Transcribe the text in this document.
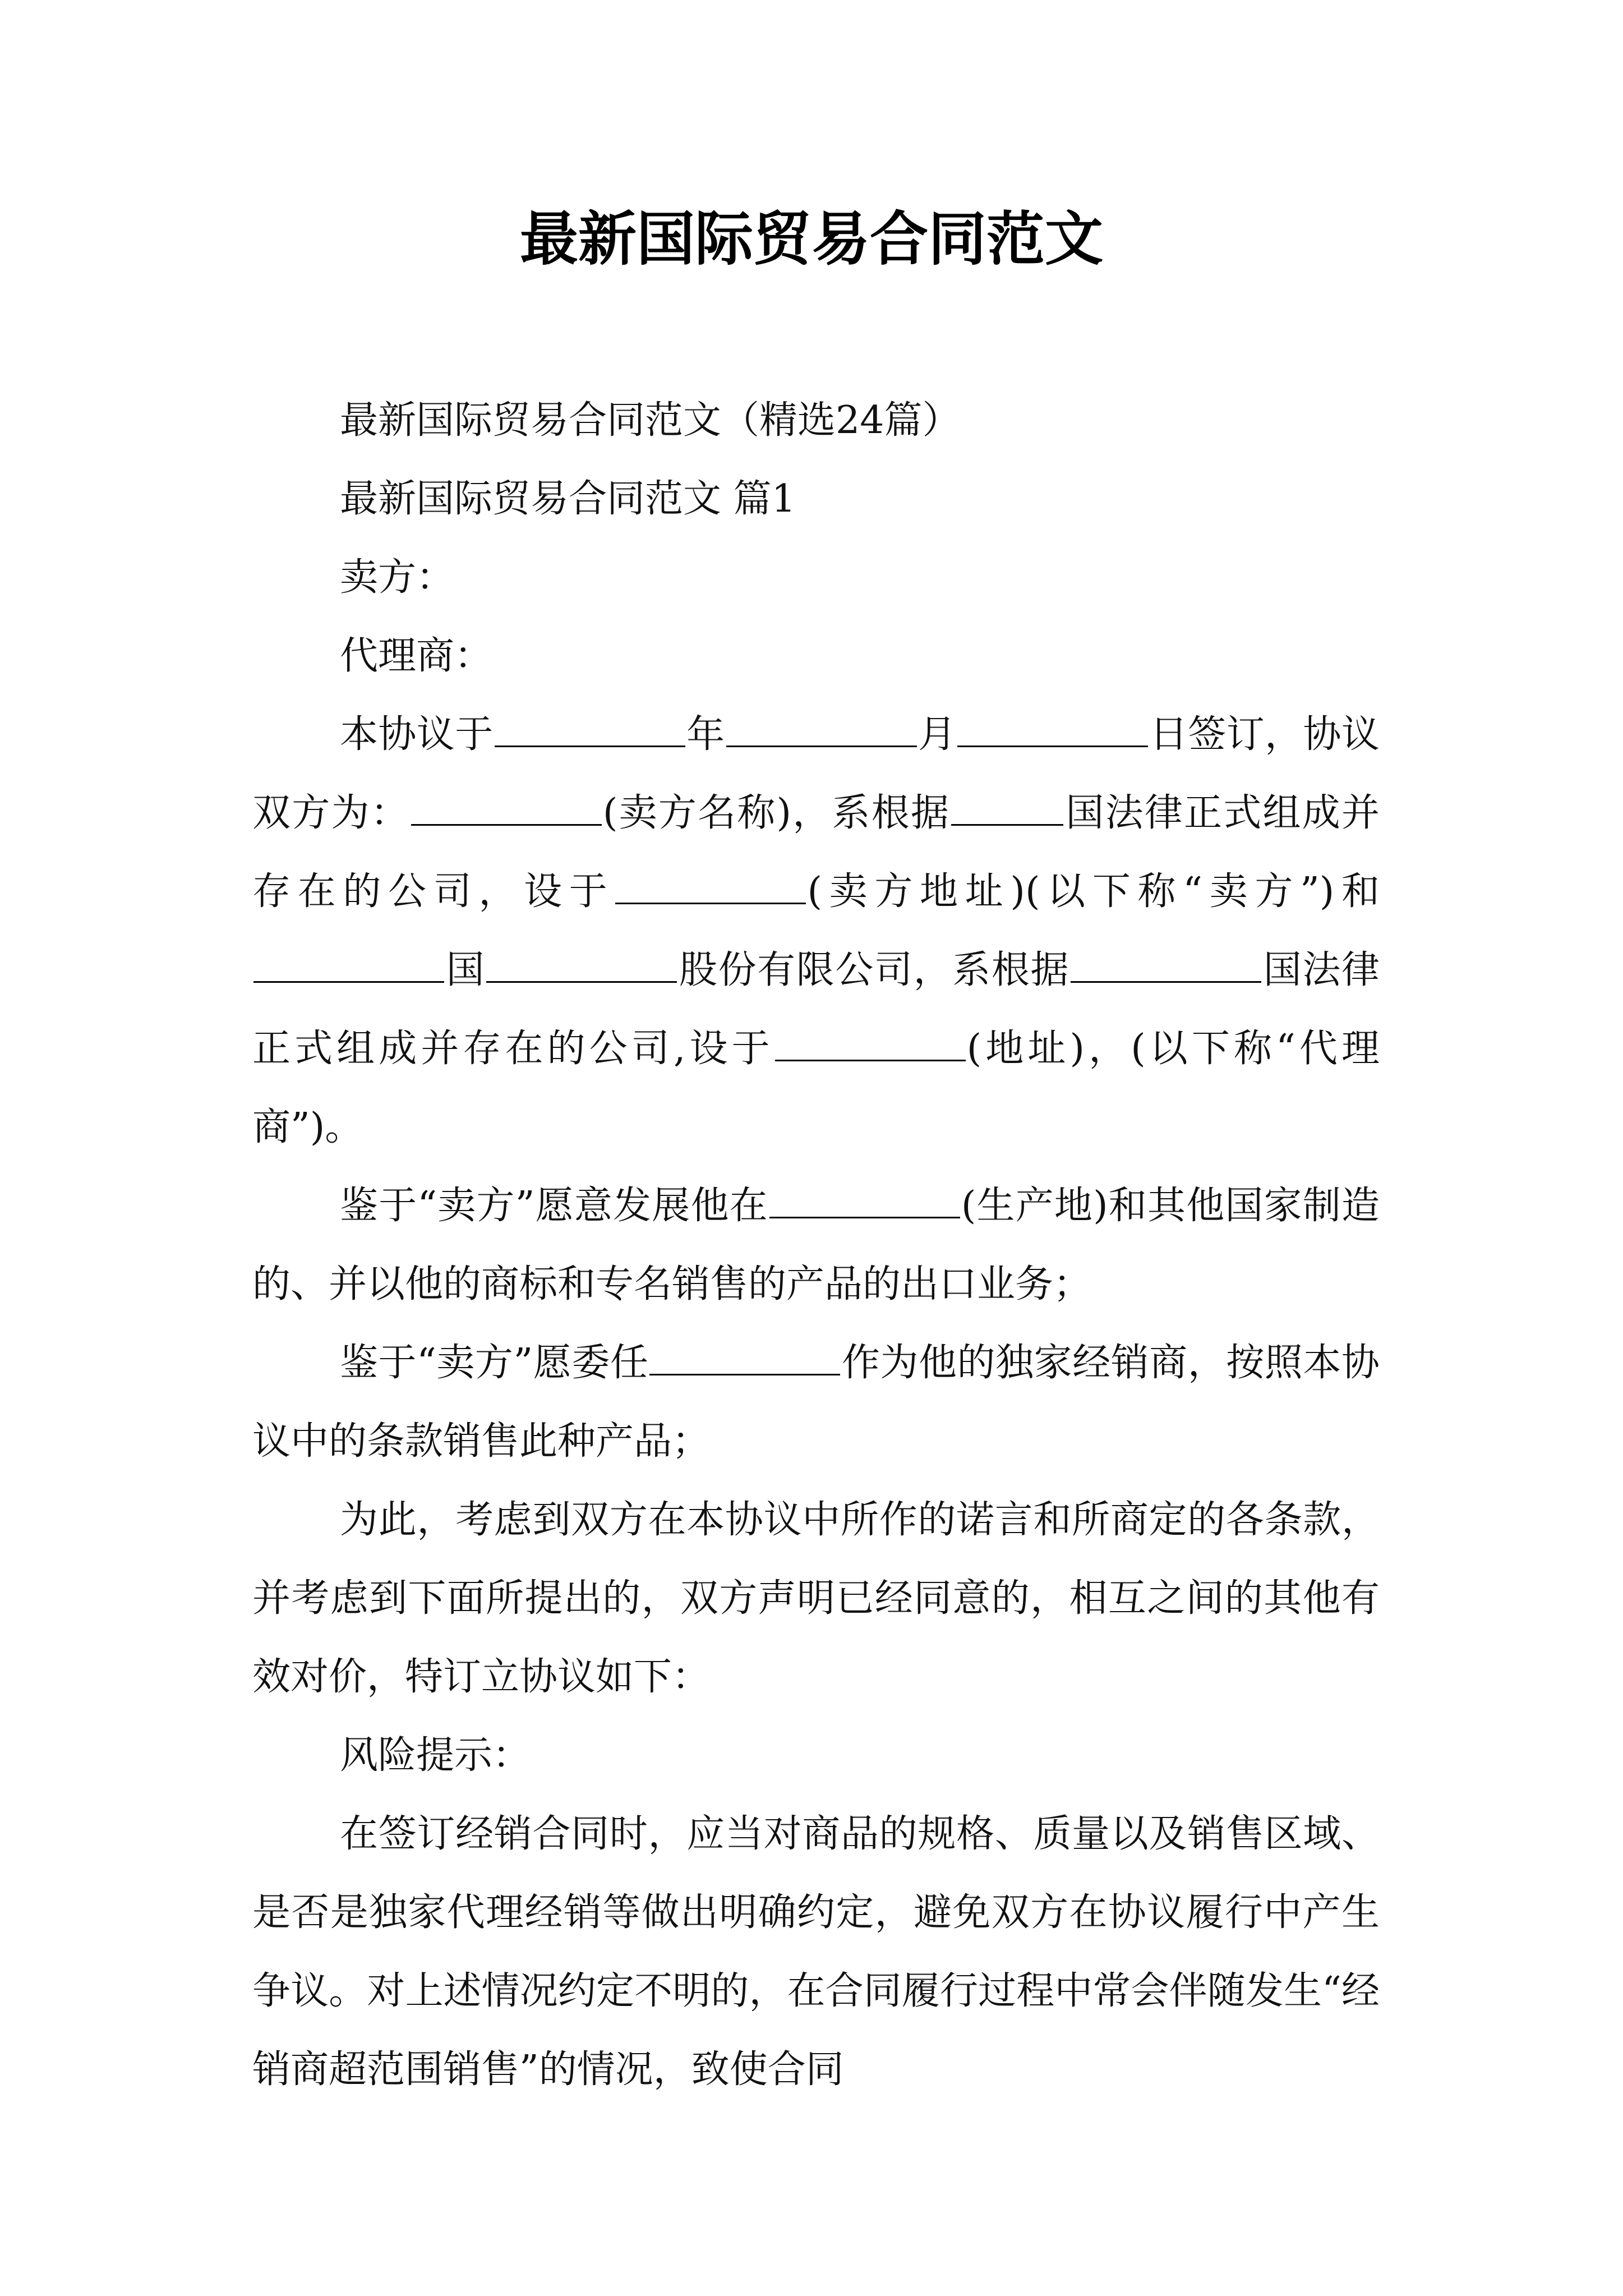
最新国际贸易合同范文

最新国际贸易合同范文（精选24篇）

最新国际贸易合同范文 篇1

卖方：

代理商：

本协议于	年	月	日签订，协议双方为：	(卖方名称)，系根据	国法律正式组成并存在的公司，设于	(卖方地址)(以下称“卖方”)和国	股份有限公司，系根据	国法律正式组成并存在的公司,设于	(地址)，(以下称“代理商”)。

鉴于“卖方”愿意发展他在	(生产地)和其他国家制造的、并以他的商标和专名销售的产品的出口业务；

鉴于“卖方”愿委任	作为他的独家经销商，按照本协议中的条款销售此种产品；

为此，考虑到双方在本协议中所作的诺言和所商定的各条款，并考虑到下面所提出的，双方声明已经同意的，相互之间的其他有效对价，特订立协议如下：

风险提示：

在签订经销合同时，应当对商品的规格、质量以及销售区域、是否是独家代理经销等做出明确约定，避免双方在协议履行中产生争议。对上述情况约定不明的，在合同履行过程中常会伴随发生“经销商超范围销售”的情况，致使合同
